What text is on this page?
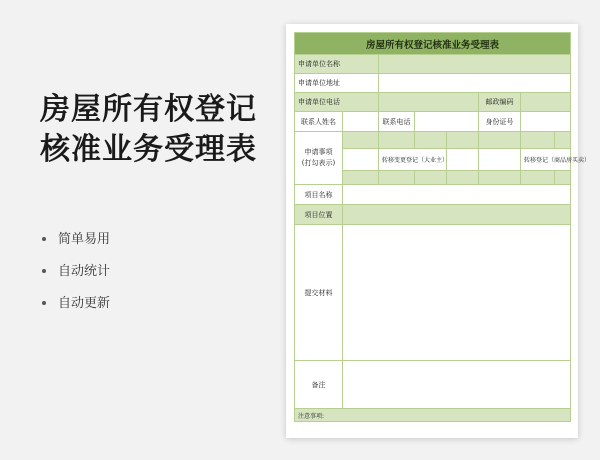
房屋所有权登记
核准业务受理表
简单易用
自动统计
自动更新
房屋所有权登记核准业务受理表								
申请单位名称								
申请单位地址								
申请单位电话					邮政编码			
联系人姓名		联系电话			身份证号			
申请事项
(打勾表示)								
		转移变更登记（大业主）				转移登记（商品房买卖）		

项目名称								
项目位置								
提交材料								
备注								
注意事项:								
